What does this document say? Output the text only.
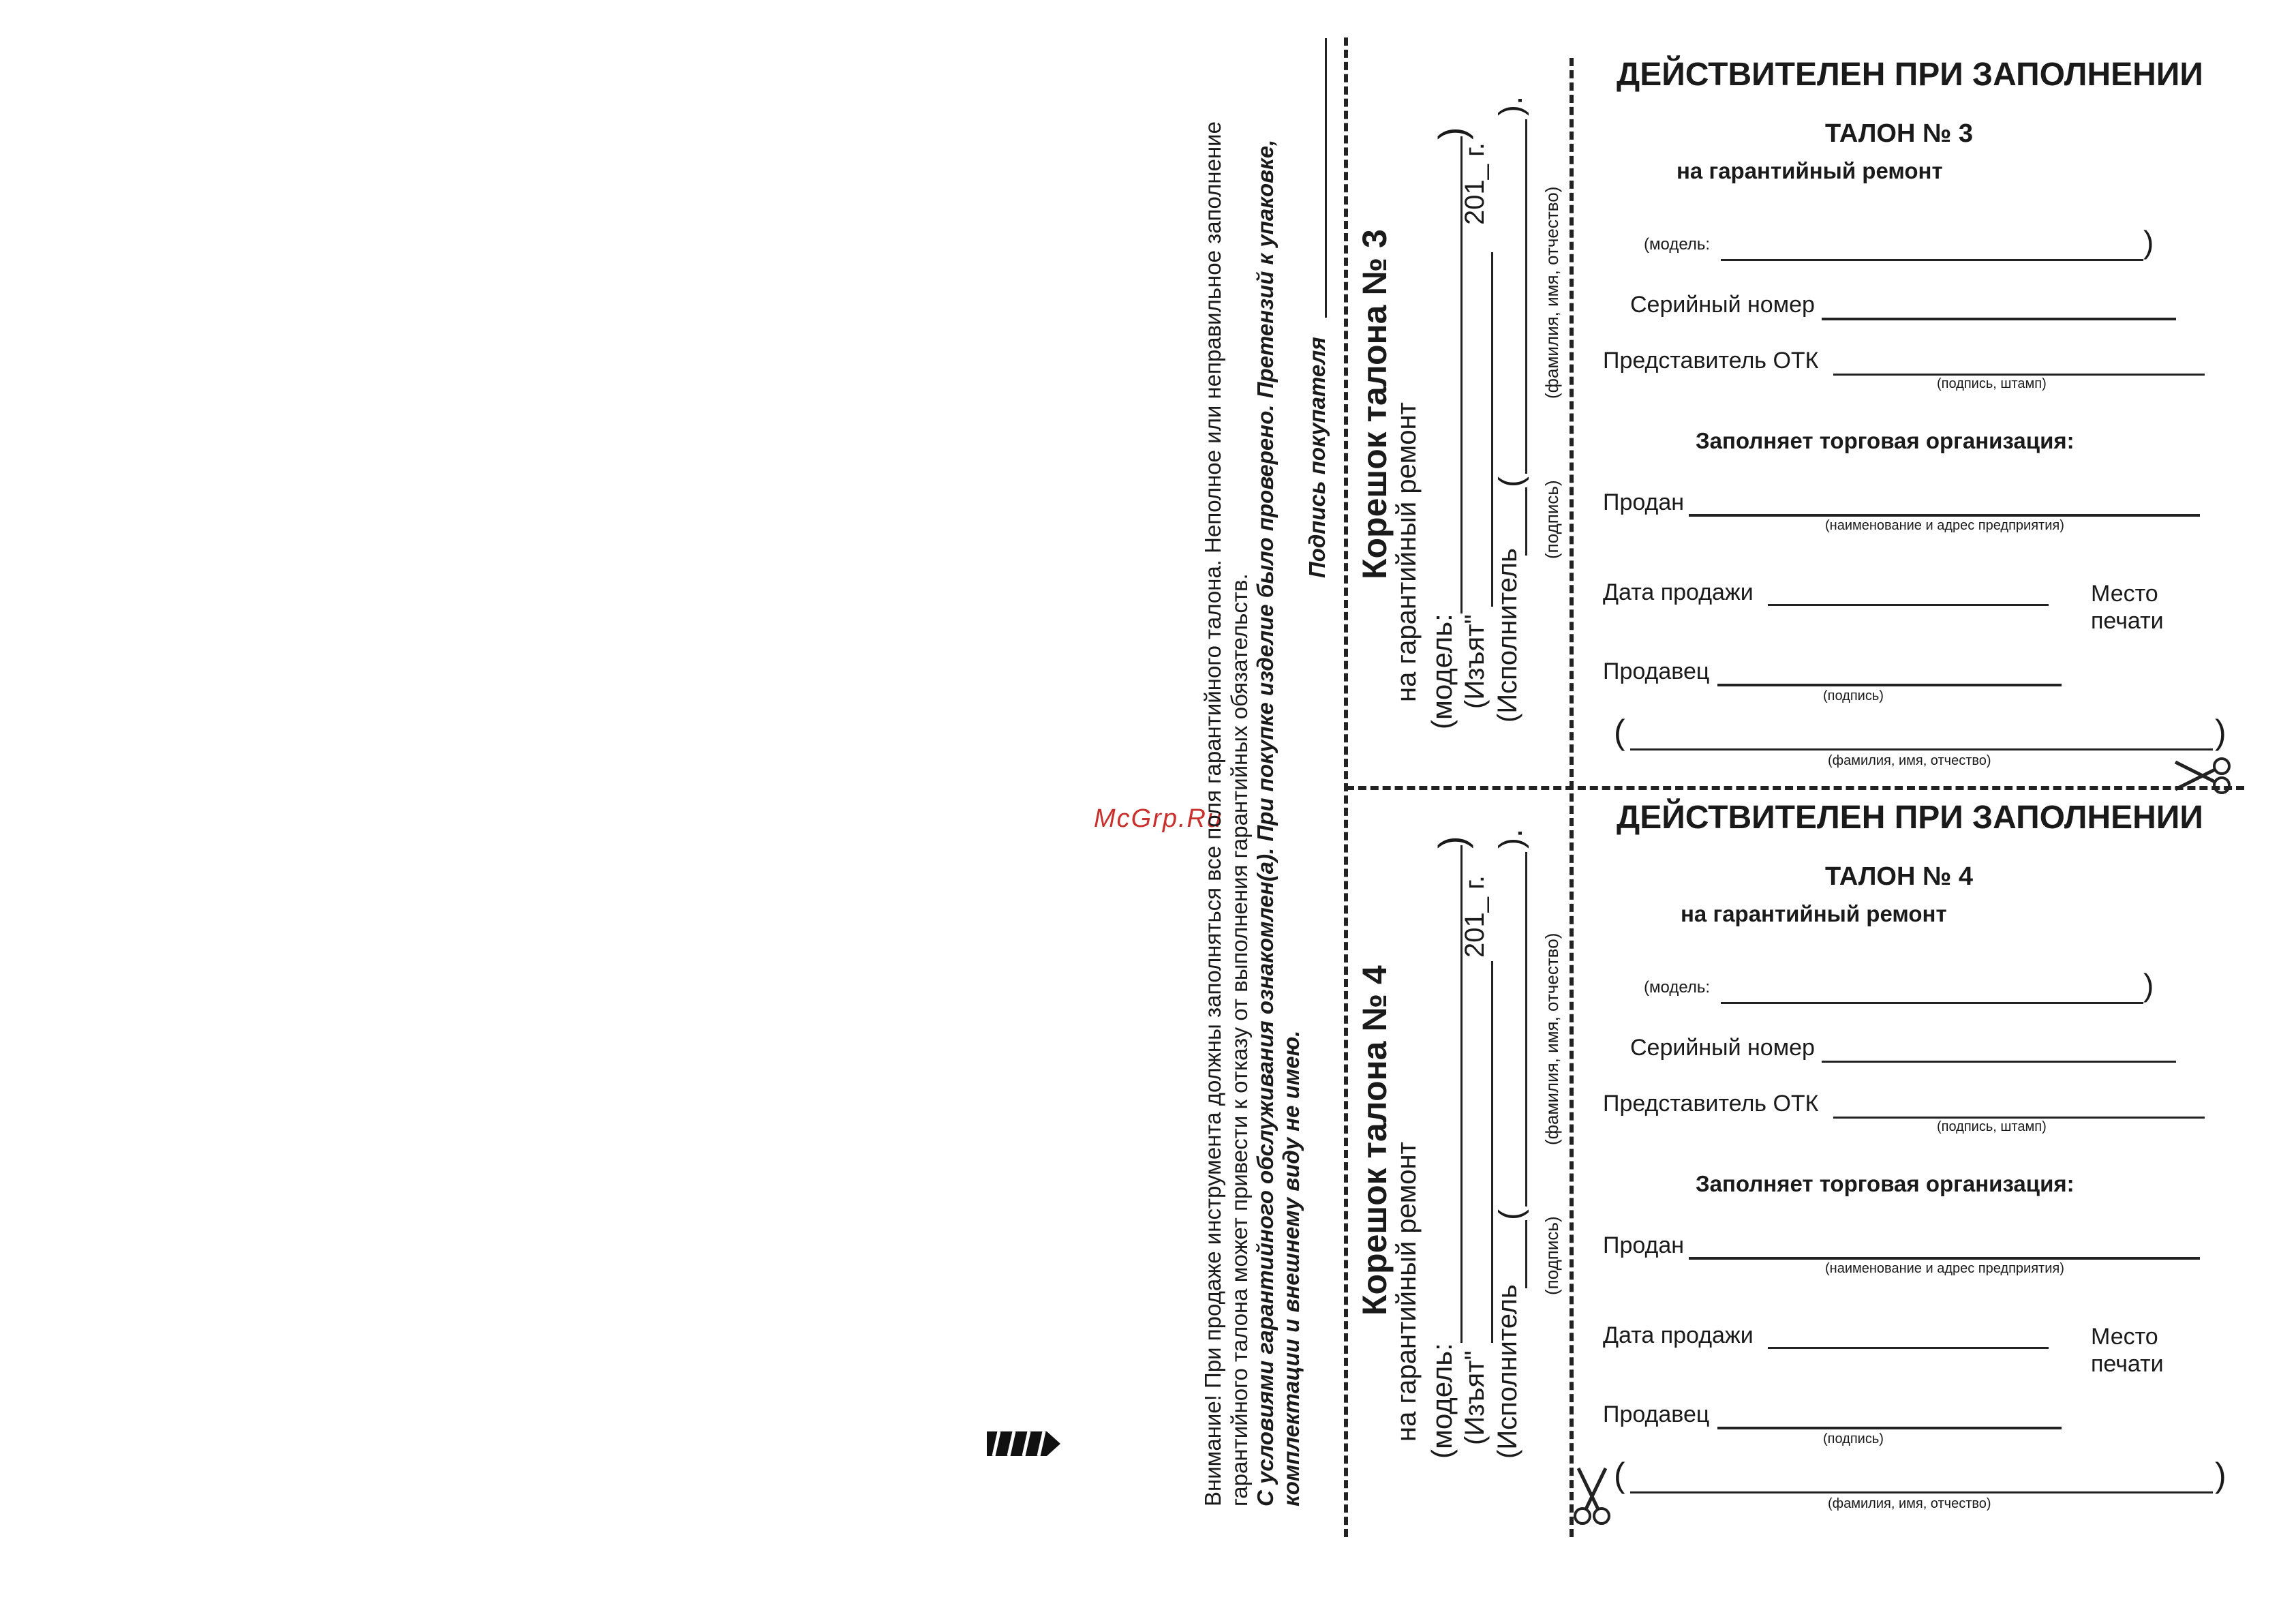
McGrp.Ru
Внимание! При продаже инструмента должны заполняться все поля гарантийного талона. Неполное или неправильное заполнение гарантийного талона может привести к отказу от выполнения гарантийных обязательств. С условиями гарантийного обслуживания ознакомлен(а). При покупке изделие было проверено. Претензий к упаковке, комплектации и внешнему виду не имею.
Подпись покупателя Корешок талона № 3
на гарантийный ремонт (модель:
)
(Изъят"
201_ г.
(Исполнитель
(
).
(подпись)
(фамилия, имя, отчество)
Корешок талона № 4
на гарантийный ремонт (модель:
)
(Изъят"
201_ г.
(Исполнитель
(
).
(подпись)
(фамилия, имя, отчество)
ДЕЙСТВИТЕЛЕН ПРИ ЗАПОЛНЕНИИ
ТАЛОН № 3
на гарантийный ремонт
(модель:	)
Серийный номер
Представитель ОТК
(подпись, штамп)
Заполняет торговая организация:
Продан
(наименование и адрес предприятия)
Дата продажи	Место
печати
Продавец
(подпись)
(	)
(фамилия, имя, отчество)
ДЕЙСТВИТЕЛЕН ПРИ ЗАПОЛНЕНИИ
ТАЛОН № 4
на гарантийный ремонт
(модель:	)
Серийный номер
Представитель ОТК
(подпись, штамп)
Заполняет торговая организация:
Продан
(наименование и адрес предприятия)
Дата продажи	Место
печати
Продавец
(подпись)
(	)
(фамилия, имя, отчество)
